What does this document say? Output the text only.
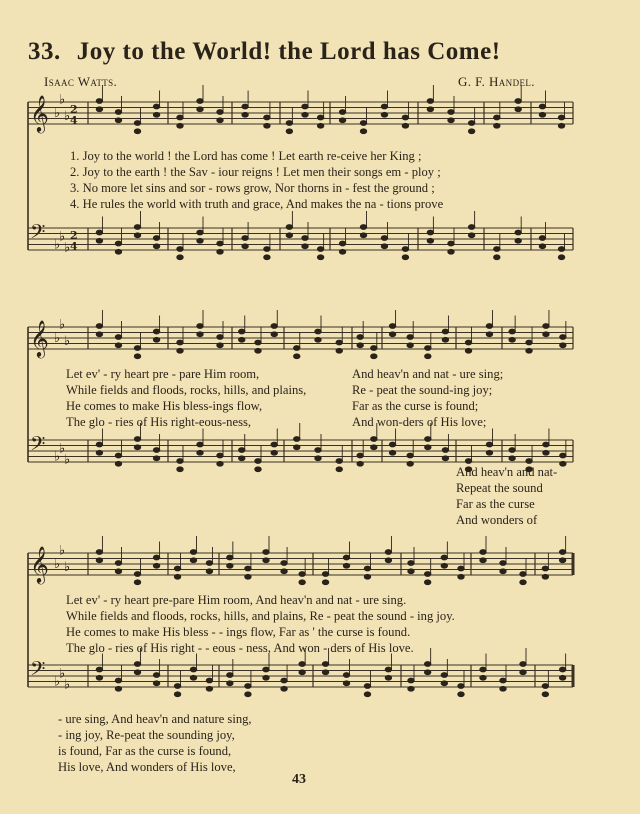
33. Joy to the World! the Lord has Come!
Isaac Watts.	G. F. Handel.
𝄞 ♭
♭
♭ 2
4
𝄢 ♭
♭
♭
2
4
𝄞 ♭
♭
♭
𝄢 ♭
♭
♭
𝄞 ♭
♭
♭
𝄢 ♭
♭
♭
1. Joy to the world ! the Lord has come ! Let earth re-ceive her King ;
2. Joy to the earth ! the Sav - iour reigns ! Let men their songs em - ploy ;
3. No more let sins and sor - rows grow, Nor thorns in - fest the ground ;
4. He rules the world with truth and grace, And makes the na - tions prove
Let ev' - ry heart pre - pare Him room,
While fields and floods, rocks, hills, and plains,
He comes to make His bless-ings flow,
The glo - ries of His right-eous-ness,
And heav'n and nat - ure sing;
Re - peat the sound-ing joy;
Far as the curse is found;
And won-ders of His love;
And heav'n and nat-
Repeat the sound
Far as the curse
And wonders of
Let ev' - ry heart pre-pare Him room, And heav'n and nat - ure sing.
While fields and floods, rocks, hills, and plains, Re - peat the sound - ing joy.
He comes to make His bless - - ings flow, Far as ' the curse is found.
The glo - ries of His right - - eous - ness, And won - ders of His love.
- ure sing, And heav'n and nature sing,
- ing joy, Re-peat the sounding joy,
is found, Far as the curse is found,
His love, And wonders of His love,
43
